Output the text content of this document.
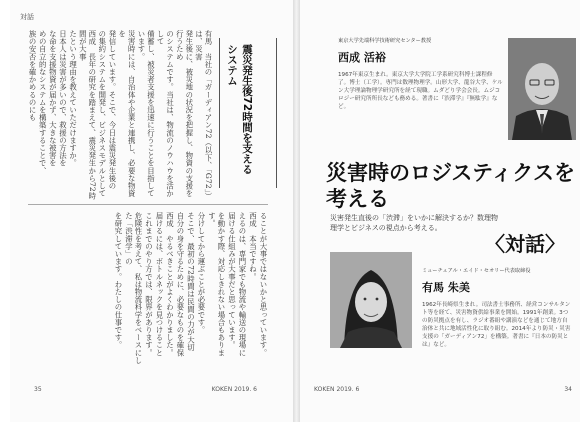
対話
有馬　当社の「ガーディアン72（以下、「G72」）は、災害
発生後に、被災地の状況を把握し、物資の支援を行うため
のシステムです。当社は、物流のノウハウを活かして
備蓄し、被災者支援を迅速に行うことを目指しています。
災害時には、自治体や企業と連携し、必要な物資を
発信しています。そこで、今日は震災発生後の
の集約システムを開発し、ビジネスモデルとして
西成　長年の研究を踏まえて、震災発生から72時間が大事
たという理由を教えていただけますか。
日本人は災害が多いので、救援の方法を
な命を支援物資が届かず、大きな被害を
めの自立的なシステムを構築することで、
族の安否を確かめるのにも	震災発生後72時間を支えるシステム
ることが大事ではないかと思っています。
西成　本当ですね。
えるのは、専門家でも物流や輸送の現場に
届ける仕組みが大事だと思っています。
を動かす際、対応しきれない場合もあります。
分けしてから運ぶことが必要です。
そこで、最初の72時間は民間の力が大切
自分の身を守るために、必要なものを確保
西成　やるべきことがよくわかりました。
届けるには、ボトルネックを見つけること
これまでのやり方では、限界があります。
危険性を考えて、私は物流科学をベースにした「渋滞学」の
を研究しています。わたしの仕事です。
35	KOKEN 2019. 6
東京大学先端科学技術研究センター教授
西成 活裕
1967年東京生まれ。東京大学大学院工学系研究科博士課程修了。博士（工学）。専門は数理物理学。山形大学、龍谷大学、ケルン大学理論物理学研究所を経て現職。ムダどり学会会長。ムジコロジー研究所所長なども務める。著書に『渋滞学』『無駄学』など。
災害時のロジスティクスを考える
災害発生直後の「渋滞」をいかに解決するか？数理物理学とビジネスの視点から考える。
〈対話〉
ミューチュアル・エイド・セオリー代表取締役
有馬 朱美
1962年長崎県生まれ。司法書士事務所、経営コンサルタント等を経て、災害物資供給事業を開始。1991年創業。3つの防災拠点を有し、ラジオ番組や講演などを通じて地方自治体と共に地域活性化に取り組む。2014年より防災・災害支援の「ガーディアン72」を構築。著書に『日本の防災とは』など。
KOKEN 2019. 6	34
